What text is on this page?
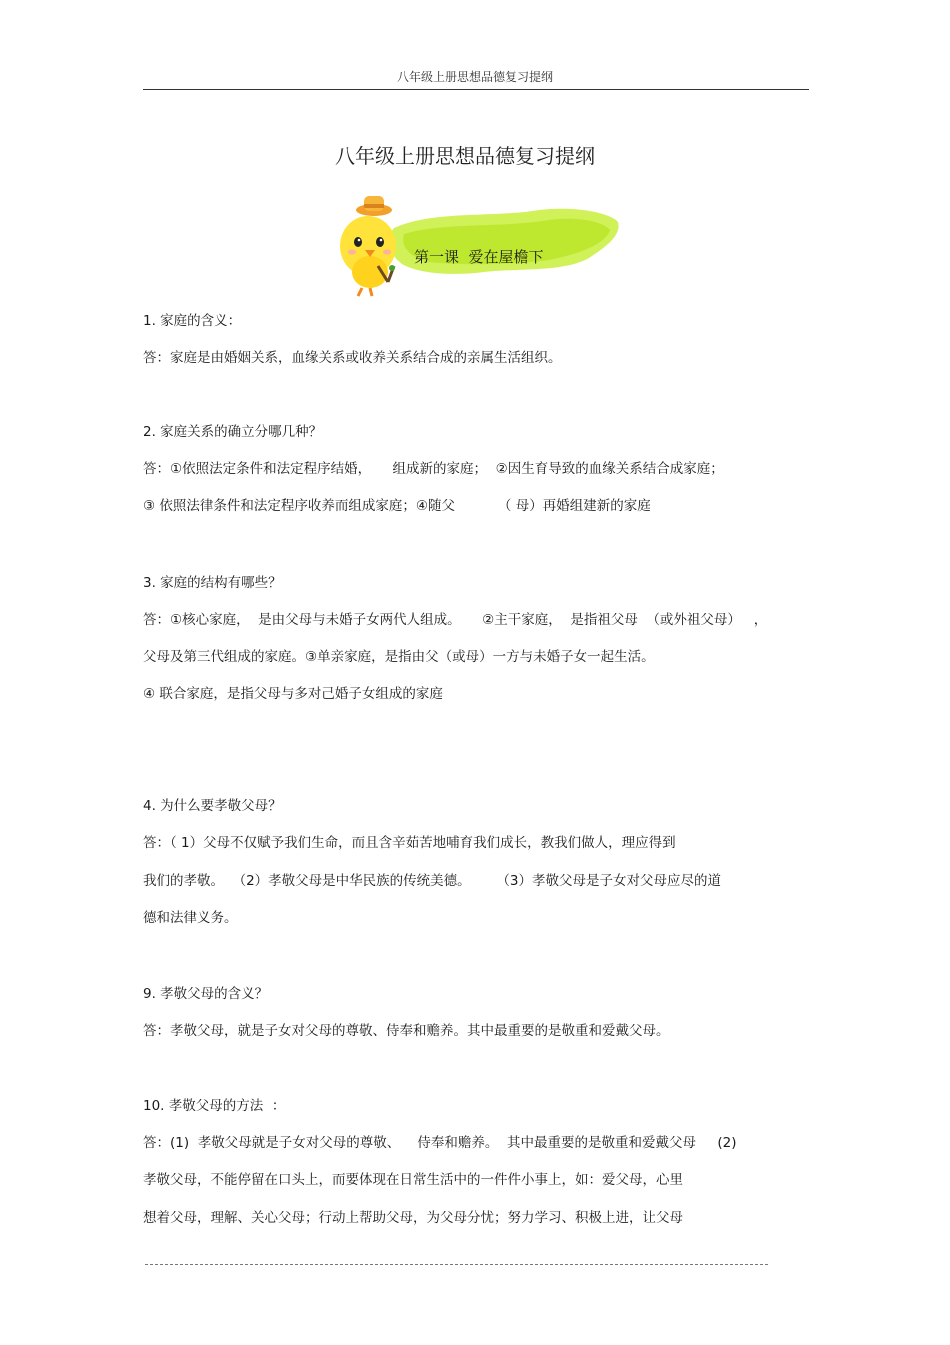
八年级上册思想品德复习提纲
八年级上册思想品德复习提纲
第一课  爱在屋檐下
1. 家庭的含义：
答：家庭是由婚姻关系，血缘关系或收养关系结合成的亲属生活组织。
2. 家庭关系的确立分哪几种？
答：①依照法定条件和法定程序结婚，     组成新的家庭；  ②因生育导致的血缘关系结合成家庭；
③ 依照法律条件和法定程序收养而组成家庭；④随父          （ 母）再婚组建新的家庭
3. 家庭的结构有哪些？
答：①核心家庭，  是由父母与未婚子女两代人组成。     ②主干家庭，  是指祖父母  （或外祖父母）   ，
父母及第三代组成的家庭。③单亲家庭，是指由父（或母）一方与未婚子女一起生活。
④ 联合家庭，是指父母与多对己婚子女组成的家庭
4. 为什么要孝敬父母？
答：（ 1）父母不仅赋予我们生命，而且含辛茹苦地哺育我们成长，教我们做人，理应得到
我们的孝敬。  （2）孝敬父母是中华民族的传统美德。      （3）孝敬父母是子女对父母应尽的道
德和法律义务。
9. 孝敬父母的含义？
答：孝敬父母，就是子女对父母的尊敬、侍奉和赡养。其中最重要的是敬重和爱戴父母。
10. 孝敬父母的方法  ：
答：(1)  孝敬父母就是子女对父母的尊敬、    侍奉和赡养。  其中最重要的是敬重和爱戴父母     (2)
孝敬父母，不能停留在口头上，而要体现在日常生活中的一件件小事上，如：爱父母，心里
想着父母，理解、关心父母；行动上帮助父母，为父母分忧；努力学习、积极上进，让父母
